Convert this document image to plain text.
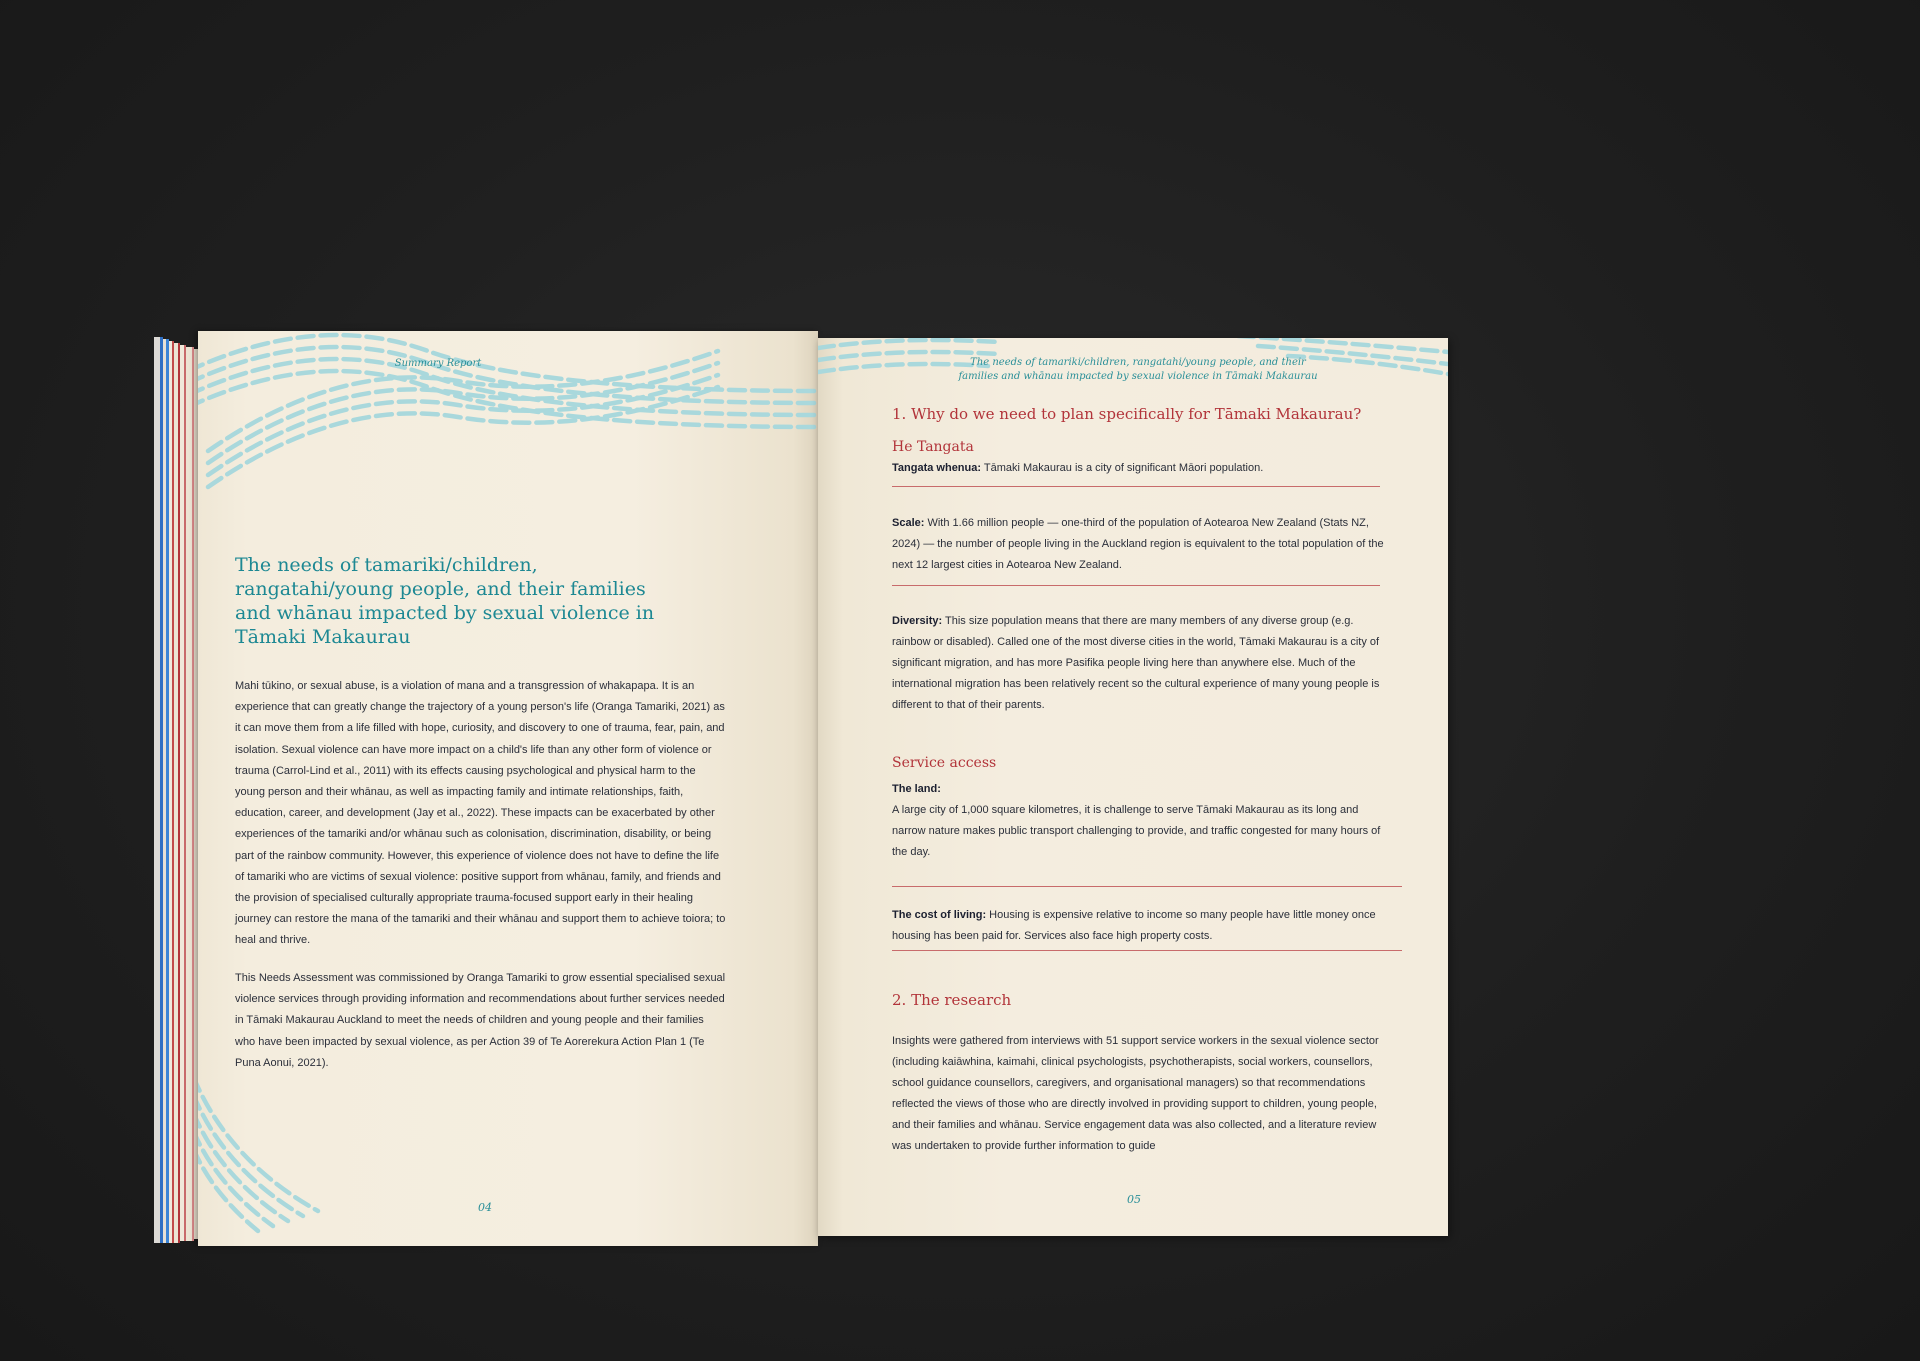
Summary Report
The needs of tamariki/children, rangatahi/young people, and their families and whānau impacted by sexual violence in Tāmaki Makaurau

Mahi tūkino, or sexual abuse, is a violation of mana and a transgression of whakapapa. It is an experience that can greatly change the trajectory of a young person's life (Oranga Tamariki, 2021) as it can move them from a life filled with hope, curiosity, and discovery to one of trauma, fear, pain, and isolation. Sexual violence can have more impact on a child's life than any other form of violence or trauma (Carrol-Lind et al., 2011) with its effects causing psychological and physical harm to the young person and their whānau, as well as impacting family and intimate relationships, faith, education, career, and development (Jay et al., 2022). These impacts can be exacerbated by other experiences of the tamariki and/or whānau such as colonisation, discrimination, disability, or being part of the rainbow community. However, this experience of violence does not have to define the life of tamariki who are victims of sexual violence: positive support from whānau, family, and friends and the provision of specialised culturally appropriate trauma-focused support early in their healing journey can restore the mana of the tamariki and their whānau and support them to achieve toiora; to heal and thrive.

This Needs Assessment was commissioned by Oranga Tamariki to grow essential specialised sexual violence services through providing information and recommendations about further services needed in Tāmaki Makaurau Auckland to meet the needs of children and young people and their families who have been impacted by sexual violence, as per Action 39 of Te Aorerekura Action Plan 1 (Te Puna Aonui, 2021).

04
The needs of tamariki/children, rangatahi/young people, and their
families and whānau impacted by sexual violence in Tāmaki Makaurau
1. Why do we need to plan specifically for Tāmaki Makaurau?
He Tangata

Tangata whenua: Tāmaki Makaurau is a city of significant Māori population.

Scale: With 1.66 million people — one-third of the population of Aotearoa New Zealand (Stats NZ, 2024) — the number of people living in the Auckland region is equivalent to the total population of the next 12 largest cities in Aotearoa New Zealand.

Diversity: This size population means that there are many members of any diverse group (e.g. rainbow or disabled). Called one of the most diverse cities in the world, Tāmaki Makaurau is a city of significant migration, and has more Pasifika people living here than anywhere else. Much of the international migration has been relatively recent so the cultural experience of many young people is different to that of their parents.

Service access

The land:
A large city of 1,000 square kilometres, it is challenge to serve Tāmaki Makaurau as its long and narrow nature makes public transport challenging to provide, and traffic congested for many hours of the day.

The cost of living: Housing is expensive relative to income so many people have little money once housing has been paid for. Services also face high property costs.

2. The research

Insights were gathered from interviews with 51 support service workers in the sexual violence sector (including kaiāwhina, kaimahi, clinical psychologists, psychotherapists, social workers, counsellors, school guidance counsellors, caregivers, and organisational managers) so that recommendations reflected the views of those who are directly involved in providing support to children, young people, and their families and whānau. Service engagement data was also collected, and a literature review was undertaken to provide further information to guide

05
